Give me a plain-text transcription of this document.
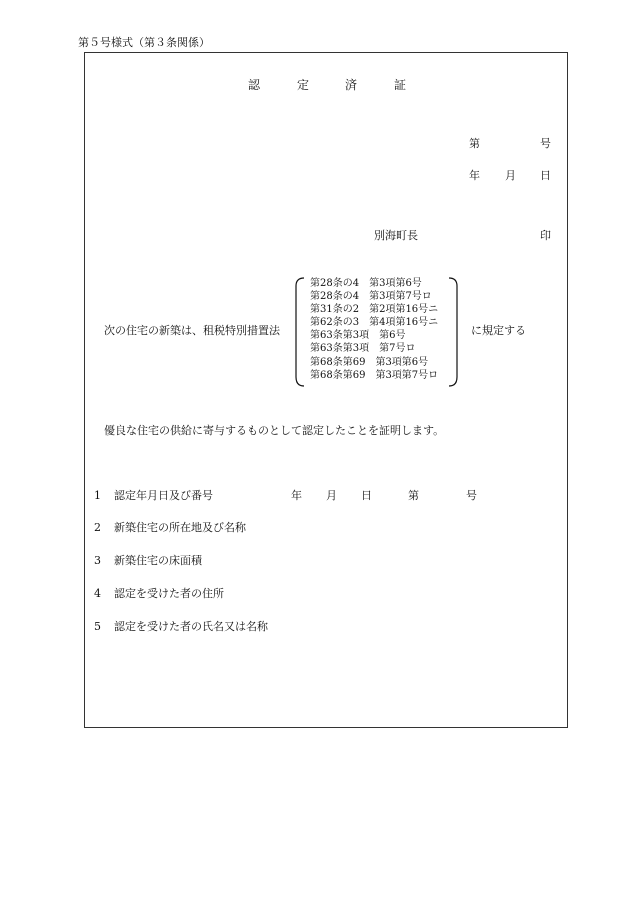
第５号様式（第３条関係）
認	定	済	証
第	号
年 月 日
別海町長	印
次の住宅の新築は、租税特別措置法
第28条の4　第3項第6号
第28条の4　第3項第7号ロ
第31条の2　第2項第16号ニ
第62条の3　第4項第16号ニ
第63条第3項　第6号
第63条第3項　第7号ロ
第68条第69　第3項第6号
第68条第69　第3項第7号ロ
に規定する
優良な住宅の供給に寄与するものとして認定したことを証明します。
1 認定年月日及び番号	年 月 日	第	号
2 新築住宅の所在地及び名称
3 新築住宅の床面積
4 認定を受けた者の住所
5 認定を受けた者の氏名又は名称
